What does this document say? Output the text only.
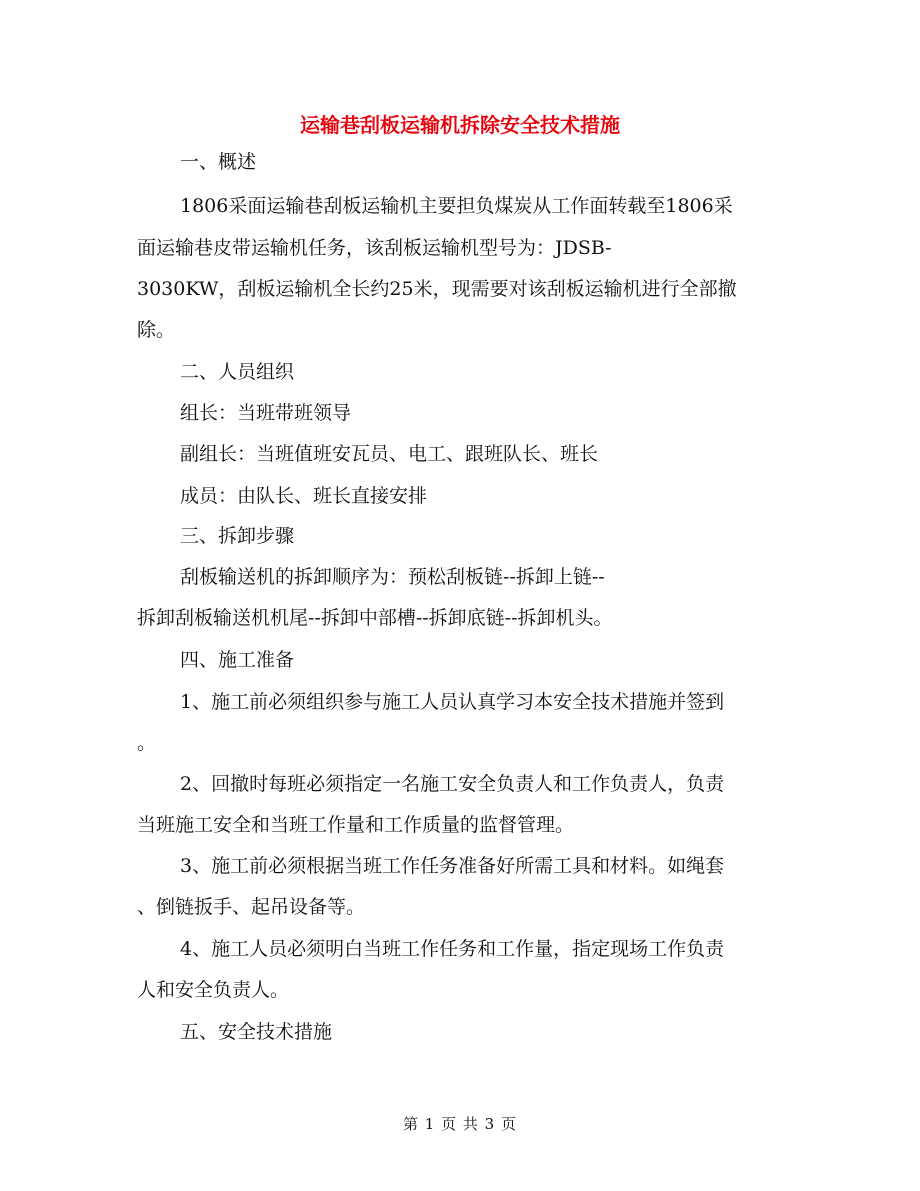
运输巷刮板运输机拆除安全技术措施
一、概述
1806采面运输巷刮板运输机主要担负煤炭从工作面转载至1806采
面运输巷皮带运输机任务，该刮板运输机型号为：JDSB-
3030KW，刮板运输机全长约25米，现需要对该刮板运输机进行全部撤
除。
二、人员组织
组长：当班带班领导
副组长：当班值班安瓦员、电工、跟班队长、班长
成员：由队长、班长直接安排
三、拆卸步骤
刮板输送机的拆卸顺序为：预松刮板链--拆卸上链--
拆卸刮板输送机机尾--拆卸中部槽--拆卸底链--拆卸机头。
四、施工准备
1、施工前必须组织参与施工人员认真学习本安全技术措施并签到
。
2、回撤时每班必须指定一名施工安全负责人和工作负责人，负责
当班施工安全和当班工作量和工作质量的监督管理。
3、施工前必须根据当班工作任务准备好所需工具和材料。如绳套
、倒链扳手、起吊设备等。
4、施工人员必须明白当班工作任务和工作量，指定现场工作负责
人和安全负责人。
五、安全技术措施
第 1 页 共 3 页
